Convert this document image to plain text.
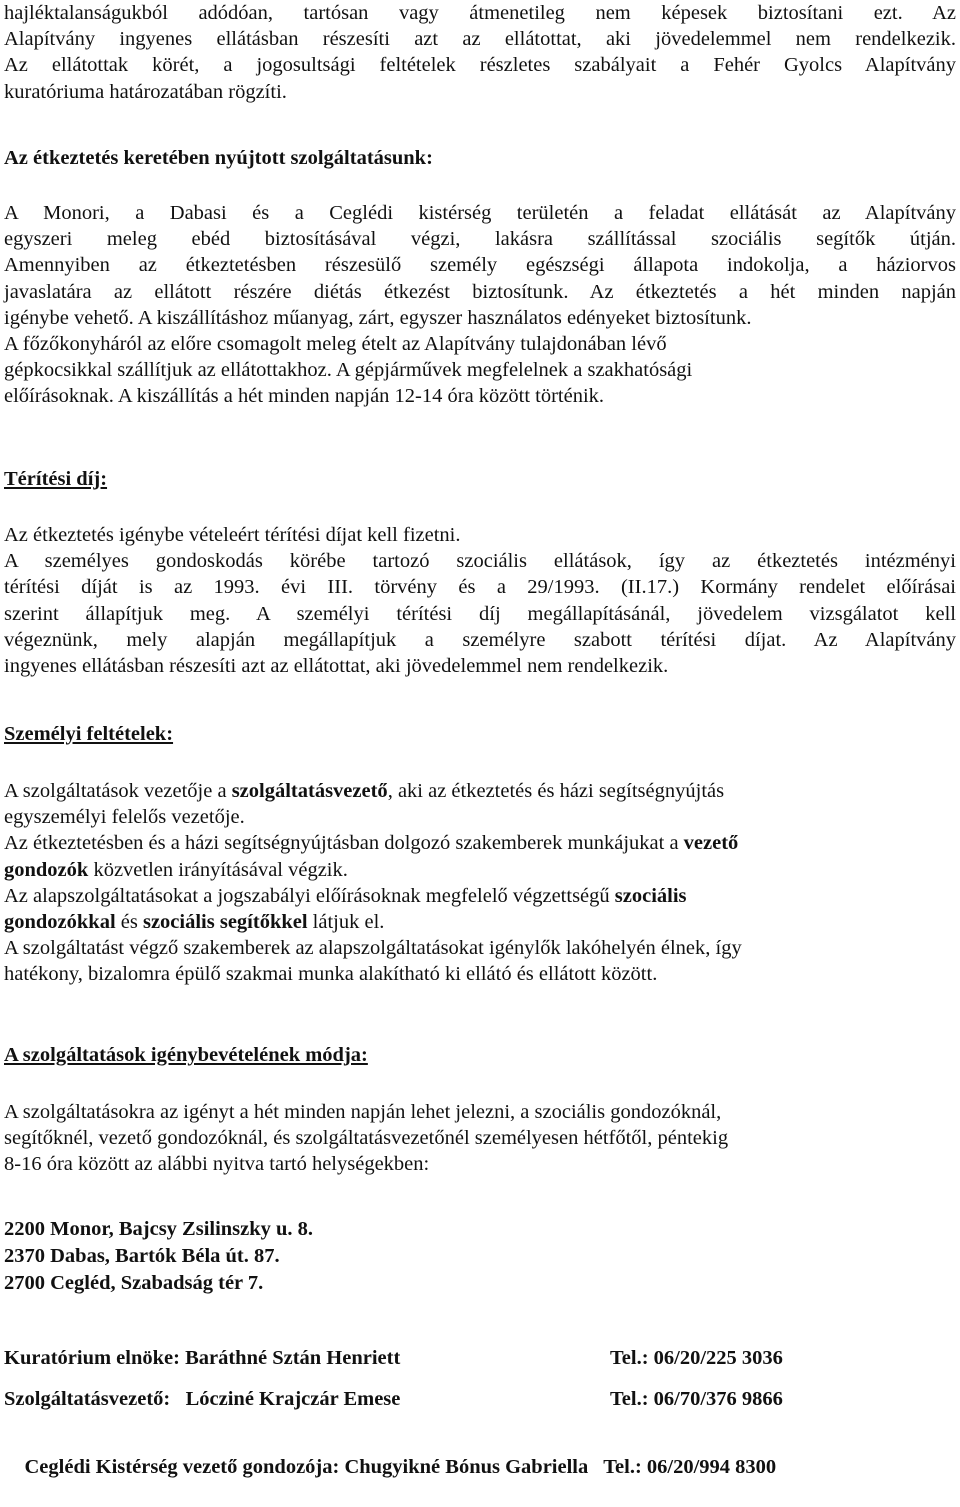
hajléktalanságukból adódóan, tartósan vagy átmenetileg nem képesek biztosítani ezt. Az

Alapítvány ingyenes ellátásban részesíti azt az ellátottat, aki jövedelemmel nem rendelkezik.

Az ellátottak körét, a jogosultsági feltételek részletes szabályait a Fehér Gyolcs Alapítvány

kuratóriuma határozatában rögzíti.

Az étkeztetés keretében nyújtott szolgáltatásunk:

A Monori, a Dabasi és a Ceglédi kistérség területén a feladat ellátását az Alapítvány

egyszeri meleg ebéd biztosításával végzi, lakásra szállítással szociális segítők útján.

Amennyiben az étkeztetésben részesülő személy egészségi állapota indokolja, a háziorvos

javaslatára az ellátott részére diétás étkezést biztosítunk. Az étkeztetés a hét minden napján

igénybe vehető. A kiszállításhoz műanyag, zárt, egyszer használatos edényeket biztosítunk.

A főzőkonyháról az előre csomagolt meleg ételt az Alapítvány tulajdonában lévő

gépkocsikkal szállítjuk az ellátottakhoz. A gépjárművek megfelelnek a szakhatósági

előírásoknak. A kiszállítás a hét minden napján 12-14 óra között történik.

Térítési díj:

Az étkeztetés igénybe vételeért térítési díjat kell fizetni.

A személyes gondoskodás körébe tartozó szociális ellátások, így az étkeztetés intézményi

térítési díját is az 1993. évi III. törvény és a 29/1993. (II.17.) Kormány rendelet előírásai

szerint állapítjuk meg. A személyi térítési díj megállapításánál, jövedelem vizsgálatot kell

végeznünk, mely alapján megállapítjuk a személyre szabott térítési díjat. Az Alapítvány

ingyenes ellátásban részesíti azt az ellátottat, aki jövedelemmel nem rendelkezik.

Személyi feltételek:

A szolgáltatások vezetője a szolgáltatásvezető, aki az étkeztetés és házi segítségnyújtás

egyszemélyi felelős vezetője.

Az étkeztetésben és a házi segítségnyújtásban dolgozó szakemberek munkájukat a vezető

gondozók közvetlen irányításával végzik.

Az alapszolgáltatásokat a jogszabályi előírásoknak megfelelő végzettségű szociális

gondozókkal és szociális segítőkkel látjuk el.

A szolgáltatást végző szakemberek az alapszolgáltatásokat igénylők lakóhelyén élnek, így

hatékony, bizalomra épülő szakmai munka alakítható ki ellátó és ellátott között.

A szolgáltatások igénybevételének módja:

A szolgáltatásokra az igényt a hét minden napján lehet jelezni, a szociális gondozóknál,

segítőknél, vezető gondozóknál, és szolgáltatásvezetőnél személyesen hétfőtől, péntekig

8-16 óra között az alábbi nyitva tartó helységekben:

2200 Monor, Bajcsy Zsilinszky u. 8.

2370 Dabas, Bartók Béla út. 87.

2700 Cegléd, Szabadság tér 7.

Kuratórium elnöke: Baráthné Sztán Henriett	Tel.: 06/20/225 3036
Szolgáltatásvezető:   Lócziné Krajczár Emese	Tel.: 06/70/376 9866

Ceglédi Kistérség vezető gondozója: Chugyikné Bónus Gabriella   Tel.: 06/20/994 8300
